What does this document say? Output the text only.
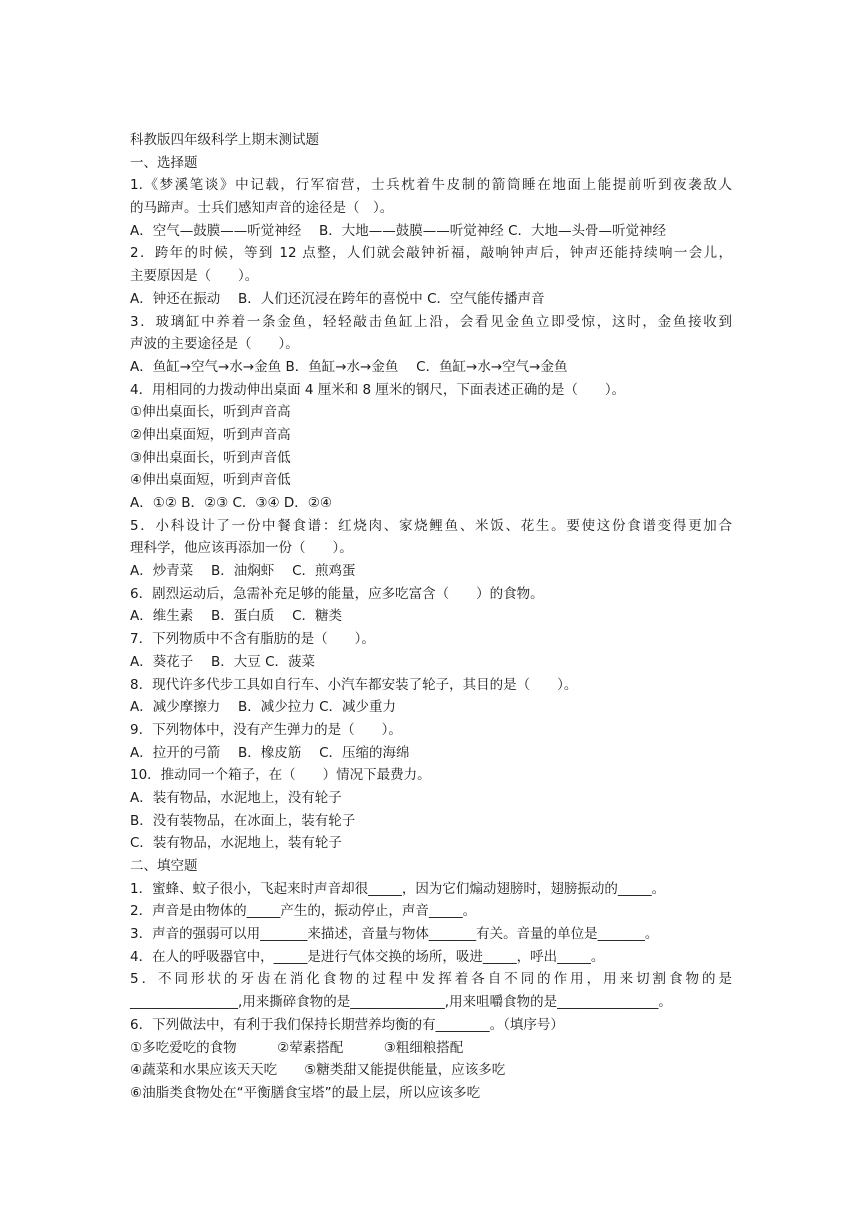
科教版四年级科学上期末测试题
一、选择题
1.《梦溪笔谈》中记载，行军宿营，士兵枕着牛皮制的箭筒睡在地面上能提前听到夜袭敌人
的马蹄声。士兵们感知声音的途径是（　）。
A．空气—鼓膜——听觉神经　 B．大地——鼓膜——听觉神经 C．大地—头骨—听觉神经
2．跨年的时候，等到 12 点整，人们就会敲钟祈福，敲响钟声后，钟声还能持续响一会儿，
主要原因是（　　）。
A．钟还在振动　 B．人们还沉浸在跨年的喜悦中 C．空气能传播声音
3．玻璃缸中养着一条金鱼，轻轻敲击鱼缸上沿，会看见金鱼立即受惊，这时，金鱼接收到
声波的主要途径是（　　）。
A．鱼缸→空气→水→金鱼 B．鱼缸→水→金鱼　 C．鱼缸→水→空气→金鱼
4．用相同的力拨动伸出桌面 4 厘米和 8 厘米的钢尺，下面表述正确的是（　　）。
①伸出桌面长，听到声音高
②伸出桌面短，听到声音高
③伸出桌面长，听到声音低
④伸出桌面短，听到声音低
A．①② B．②③ C．③④ D．②④
5．小科设计了一份中餐食谱：红烧肉、家烧鲤鱼、米饭、花生。要使这份食谱变得更加合
理科学，他应该再添加一份（　　）。
A．炒青菜　 B．油焖虾　 C．煎鸡蛋
6．剧烈运动后，急需补充足够的能量，应多吃富含（　　）的食物。
A．维生素　 B．蛋白质　 C．糖类
7．下列物质中不含有脂肪的是（　　）。
A．葵花子　 B．大豆 C．菠菜
8．现代许多代步工具如自行车、小汽车都安装了轮子，其目的是（　　）。
A．减少摩擦力　 B．减少拉力 C．减少重力
9．下列物体中，没有产生弹力的是（　　）。
A．拉开的弓箭　 B．橡皮筋　 C．压缩的海绵
10．推动同一个箱子，在（　　）情况下最费力。
A．装有物品，水泥地上，没有轮子
B．没有装物品，在冰面上，装有轮子
C．装有物品，水泥地上，装有轮子
二、填空题
1．蜜蜂、蚊子很小，飞起来时声音却很_____，因为它们煽动翅膀时，翅膀振动的_____。
2．声音是由物体的_____产生的，振动停止，声音_____。
3．声音的强弱可以用_______来描述，音量与物体_______有关。音量的单位是_______。
4．在人的呼吸器官中，_____是进行气体交换的场所，吸进_____，呼出_____。
5．不同形状的牙齿在消化食物的过程中发挥着各自不同的作用，用来切割食物的是
________________,用来撕碎食物的是______________,用来咀嚼食物的是_______________。
6．下列做法中，有利于我们保持长期营养均衡的有________。（填序号）
①多吃爱吃的食物　　　②荤素搭配　　　③粗细粮搭配
④蔬菜和水果应该天天吃　　⑤糖类甜又能提供能量，应该多吃
⑥油脂类食物处在“平衡膳食宝塔”的最上层，所以应该多吃
